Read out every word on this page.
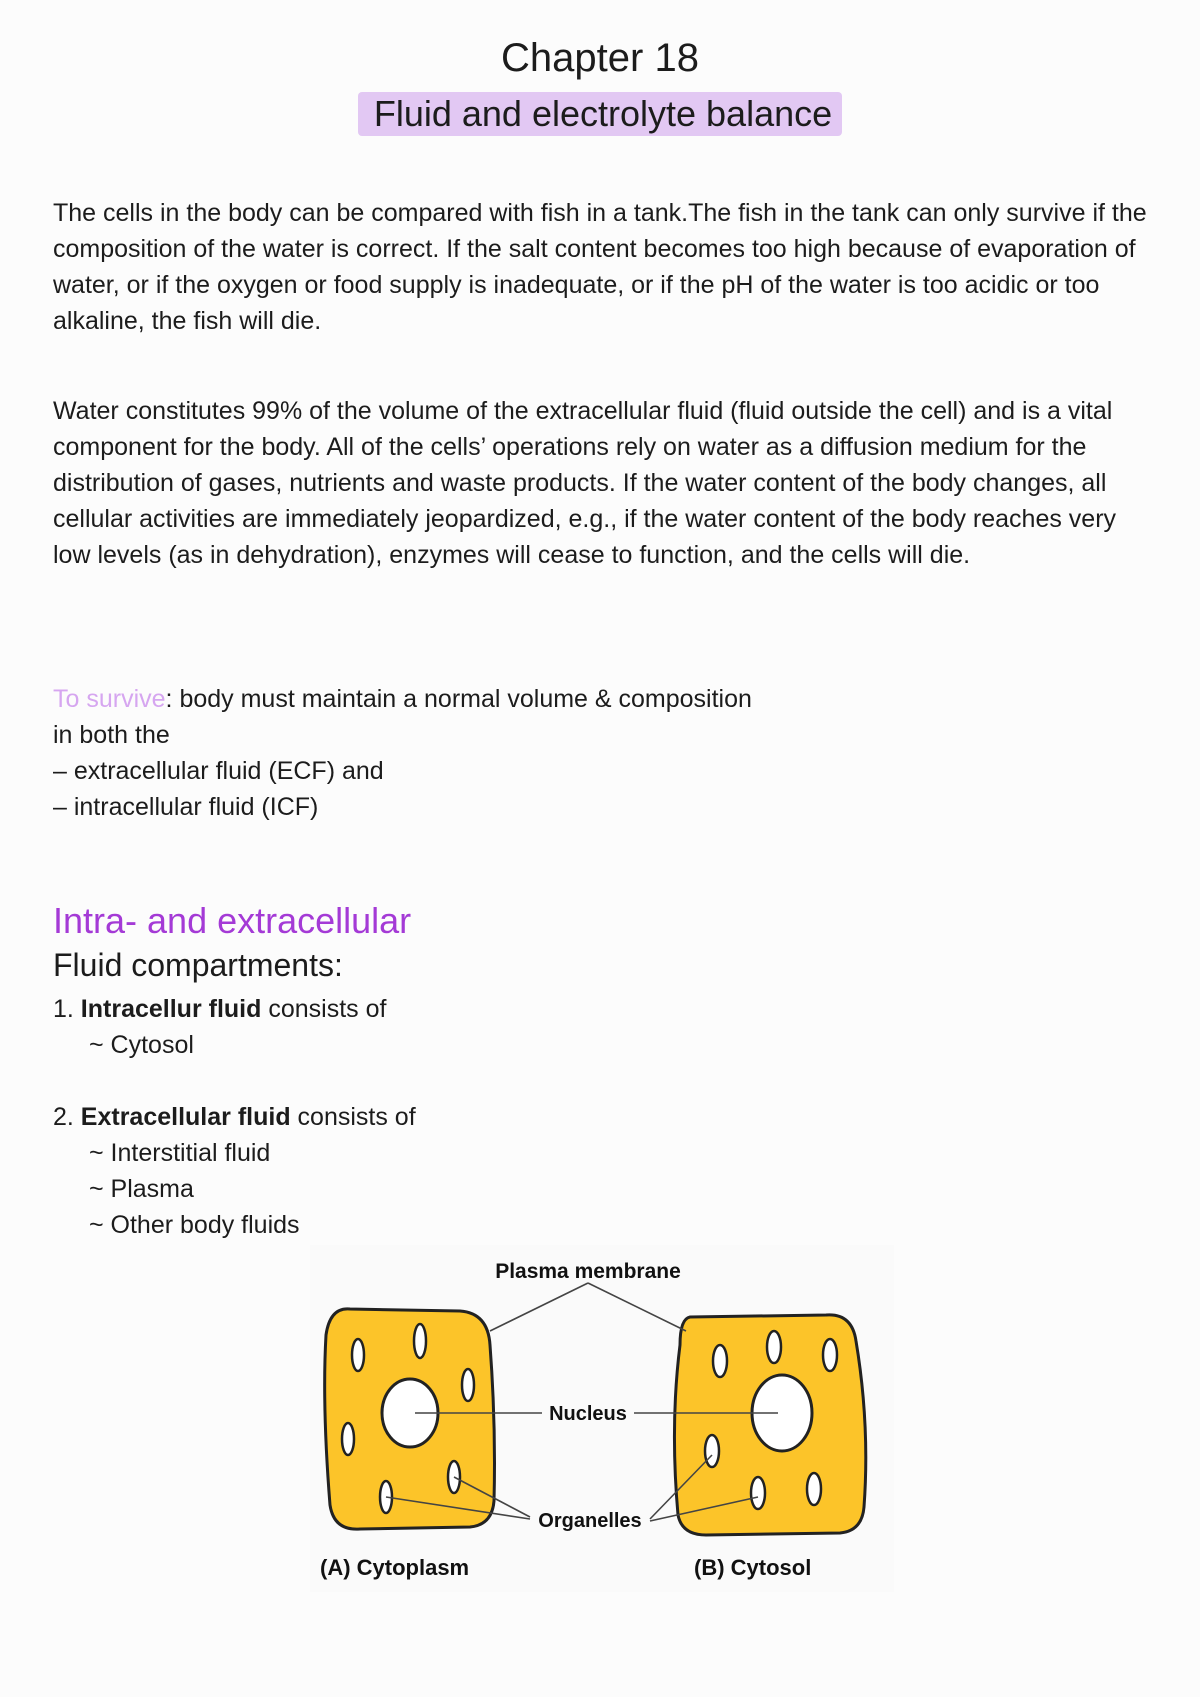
Chapter 18
Fluid and electrolyte balance

The cells in the body can be compared with fish in a tank.The fish in the tank can only survive if the composition of the water is correct. If the salt content becomes too high because of evaporation of water, or if the oxygen or food supply is inadequate, or if the pH of the water is too acidic or too alkaline, the fish will die.

Water constitutes 99% of the volume of the extracellular fluid (fluid outside the cell) and is a vital component for the body. All of the cells’ operations rely on water as a diffusion medium for the distribution of gases, nutrients and waste products. If the water content of the body changes, all cellular activities are immediately jeopardized, e.g., if the water content of the body reaches very low levels (as in dehydration), enzymes will cease to function, and the cells will die.

To survive: body must maintain a normal volume & composition
in both the
– extracellular fluid (ECF) and
– intracellular fluid (ICF)
Intra- and extracellular
Fluid compartments:
1. Intracellur fluid consists of
~ Cytosol
2. Extracellular fluid consists of
~ Interstitial fluid
~ Plasma
~ Other body fluids
Plasma membrane
Nucleus
Organelles
(A) Cytoplasm	(B) Cytosol
